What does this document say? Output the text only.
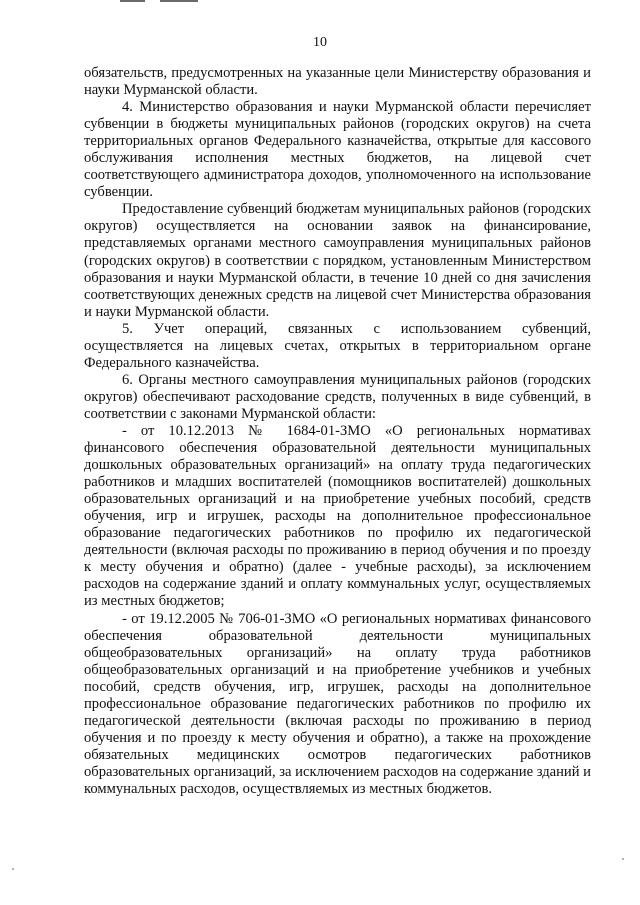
10

обязательств, предусмотренных на указанные цели Министерству образования и науки Мурманской области.

4. Министерство образования и науки Мурманской области перечисляет субвенции в бюджеты муниципальных районов (городских округов) на счета территориальных органов Федерального казначейства, открытые для кассового обслуживания исполнения местных бюджетов, на лицевой счет соответствующего администратора доходов, уполномоченного на использование субвенции.

Предоставление субвенций бюджетам муниципальных районов (городских округов) осуществляется на основании заявок на финансирование, представляемых органами местного самоуправления муниципальных районов (городских округов) в соответствии с порядком, установленным Министерством образования и науки Мурманской области, в течение 10 дней со дня зачисления соответствующих денежных средств на лицевой счет Министерства образования и науки Мурманской области.

5. Учет операций, связанных с использованием субвенций, осуществляется на лицевых счетах, открытых в территориальном органе Федерального казначейства.

6. Органы местного самоуправления муниципальных районов (городских округов) обеспечивают расходование средств, полученных в виде субвенций, в соответствии с законами Мурманской области:

- от 10.12.2013 № 1684-01-ЗМО «О региональных нормативах финансового обеспечения образовательной деятельности муниципальных дошкольных образовательных организаций» на оплату труда педагогических работников и младших воспитателей (помощников воспитателей) дошкольных образовательных организаций и на приобретение учебных пособий, средств обучения, игр и игрушек, расходы на дополнительное профессиональное образование педагогических работников по профилю их педагогической деятельности (включая расходы по проживанию в период обучения и по проезду к месту обучения и обратно) (далее - учебные расходы), за исключением расходов на содержание зданий и оплату коммунальных услуг, осуществляемых из местных бюджетов;

- от 19.12.2005 № 706-01-ЗМО «О региональных нормативах финансового обеспечения образовательной деятельности муниципальных общеобразовательных организаций» на оплату труда работников общеобразовательных организаций и на приобретение учебников и учебных пособий, средств обучения, игр, игрушек, расходы на дополнительное профессиональное образование педагогических работников по профилю их педагогической деятельности (включая расходы по проживанию в период обучения и по проезду к месту обучения и обратно), а также на прохождение обязательных медицинских осмотров педагогических работников образовательных организаций, за исключением расходов на содержание зданий и коммунальных расходов, осуществляемых из местных бюджетов.
